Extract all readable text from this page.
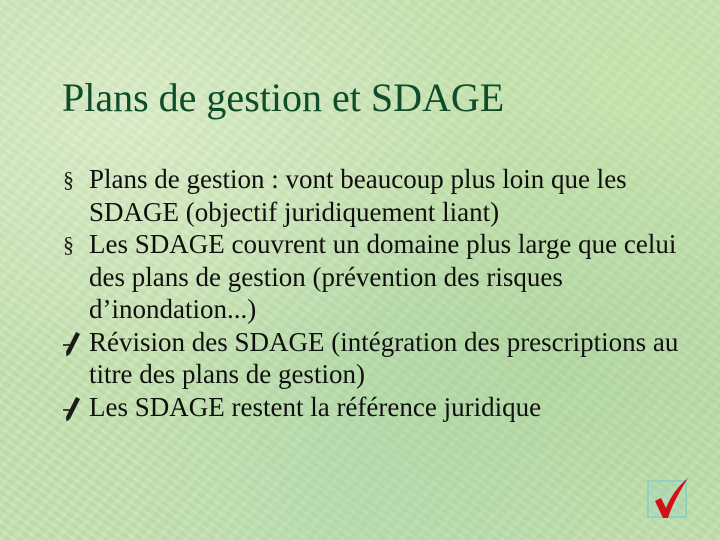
Plans de gestion et SDAGE
§ Plans de gestion : vont beaucoup plus loin que les SDAGE (objectif juridiquement liant)
§ Les SDAGE couvrent un domaine plus large que celui des plans de gestion (prévention des risques d’inondation...)
Révision des SDAGE (intégration des prescriptions au titre des plans de gestion)
Les SDAGE restent la référence juridique
